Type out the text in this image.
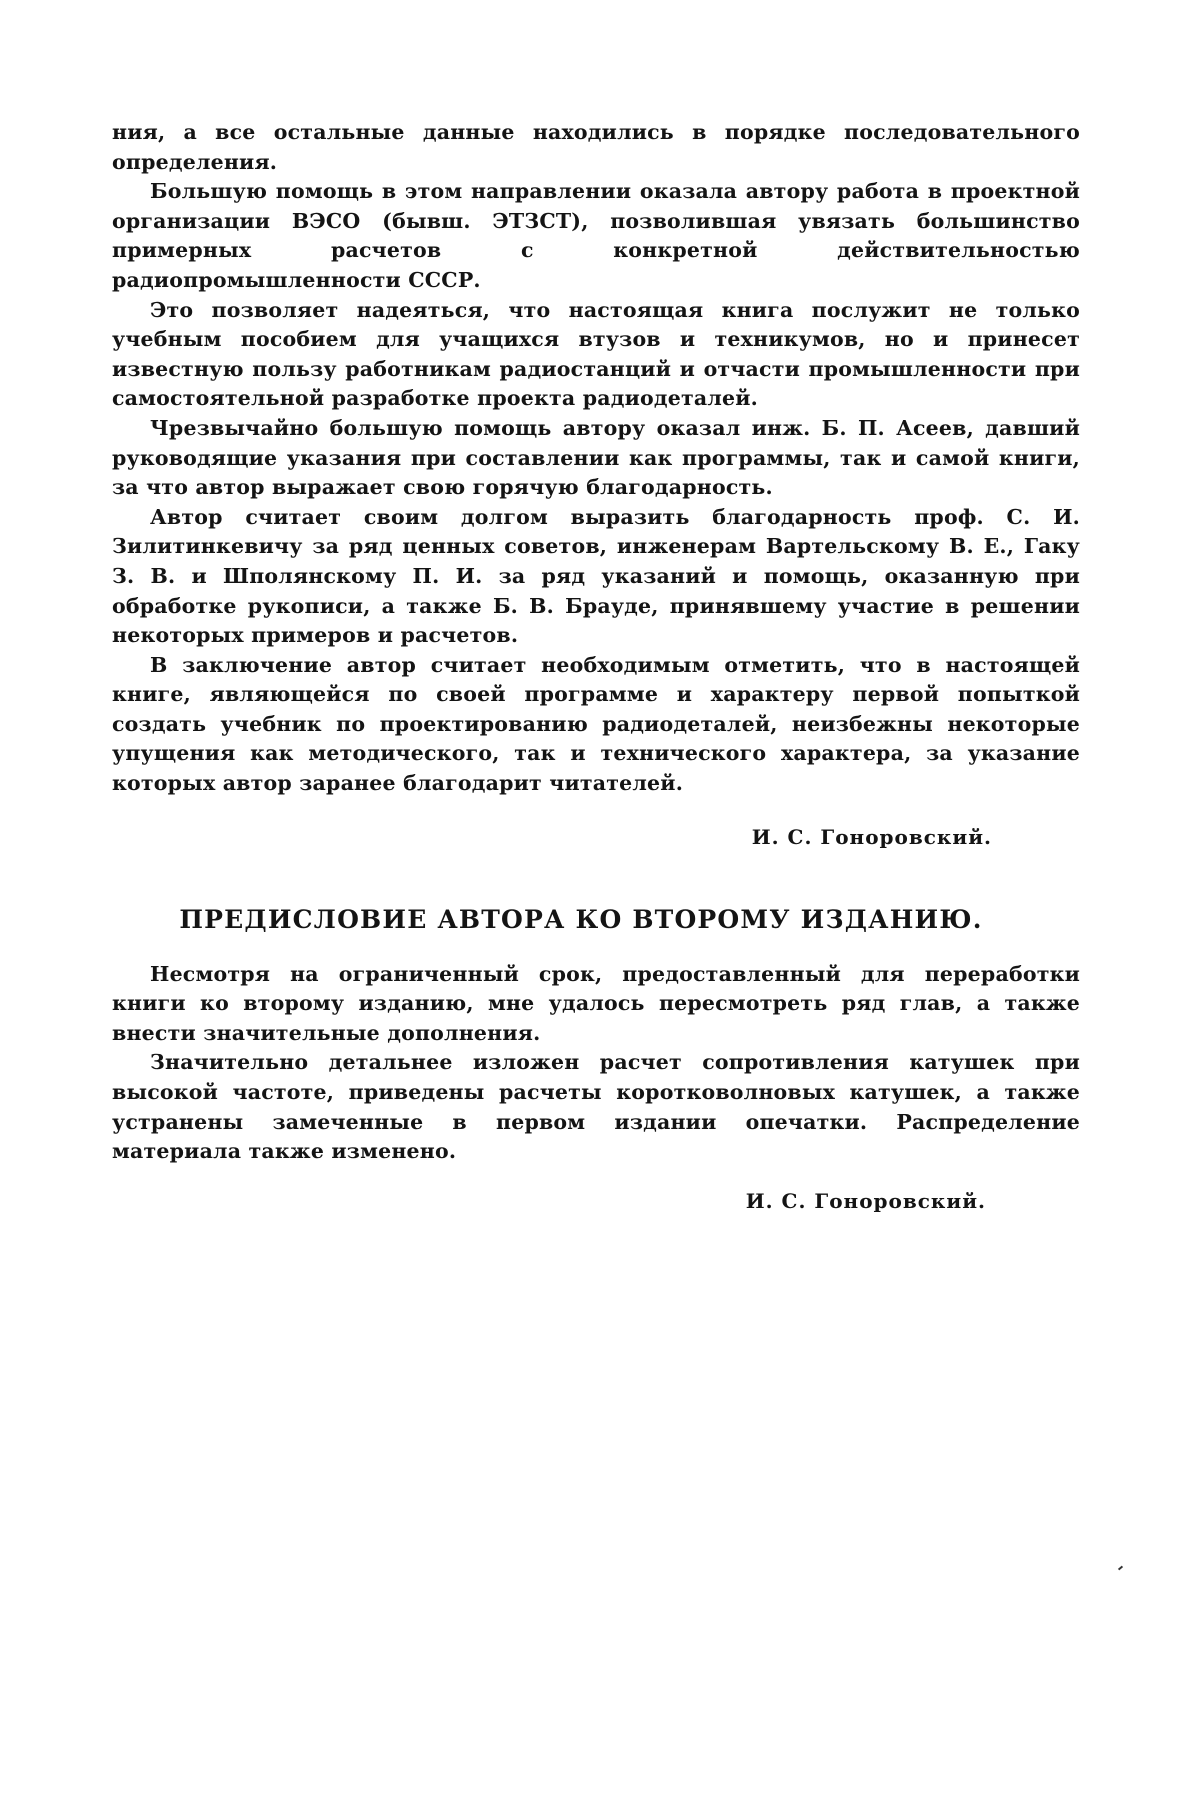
ния, а все остальные данные находились в порядке последовательного определения.

Большую помощь в этом направлении оказала автору работа в проектной организации ВЭСО (бывш. ЭТЗСТ), позволившая увязать большинство примерных расчетов с конкретной действительностью радиопромышленности СССР.

Это позволяет надеяться, что настоящая книга послужит не только учебным пособием для учащихся втузов и техникумов, но и принесет известную пользу работникам радиостанций и отчасти промышленности при самостоятельной разработке проекта радиодеталей.

Чрезвычайно большую помощь автору оказал инж. Б. П. Асеев, давший руководящие указания при составлении как программы, так и самой книги, за что автор выражает свою горячую благодарность.

Автор считает своим долгом выразить благодарность проф. С. И. Зилитинкевичу за ряд ценных советов, инженерам Вартельскому В. Е., Гаку З. В. и Шполянскому П. И. за ряд указаний и помощь, оказанную при обработке рукописи, а также Б. В. Брауде, принявшему участие в решении некоторых примеров и расчетов.

В заключение автор считает необходимым отметить, что в настоящей книге, являющейся по своей программе и характеру первой попыткой создать учебник по проектированию радиодеталей, неизбежны некоторые упущения как методического, так и технического характера, за указание которых автор заранее благодарит читателей.

И. С. Гоноровский.

ПРЕДИСЛОВИЕ АВТОРА КО ВТОРОМУ ИЗДАНИЮ.

Несмотря на ограниченный срок, предоставленный для переработки книги ко второму изданию, мне удалось пересмотреть ряд глав, а также внести значительные дополнения.

Значительно детальнее изложен расчет сопротивления катушек при высокой частоте, приведены расчеты коротковолновых катушек, а также устранены замеченные в первом издании опечатки. Распределение материала также изменено.

И. С. Гоноровский.
